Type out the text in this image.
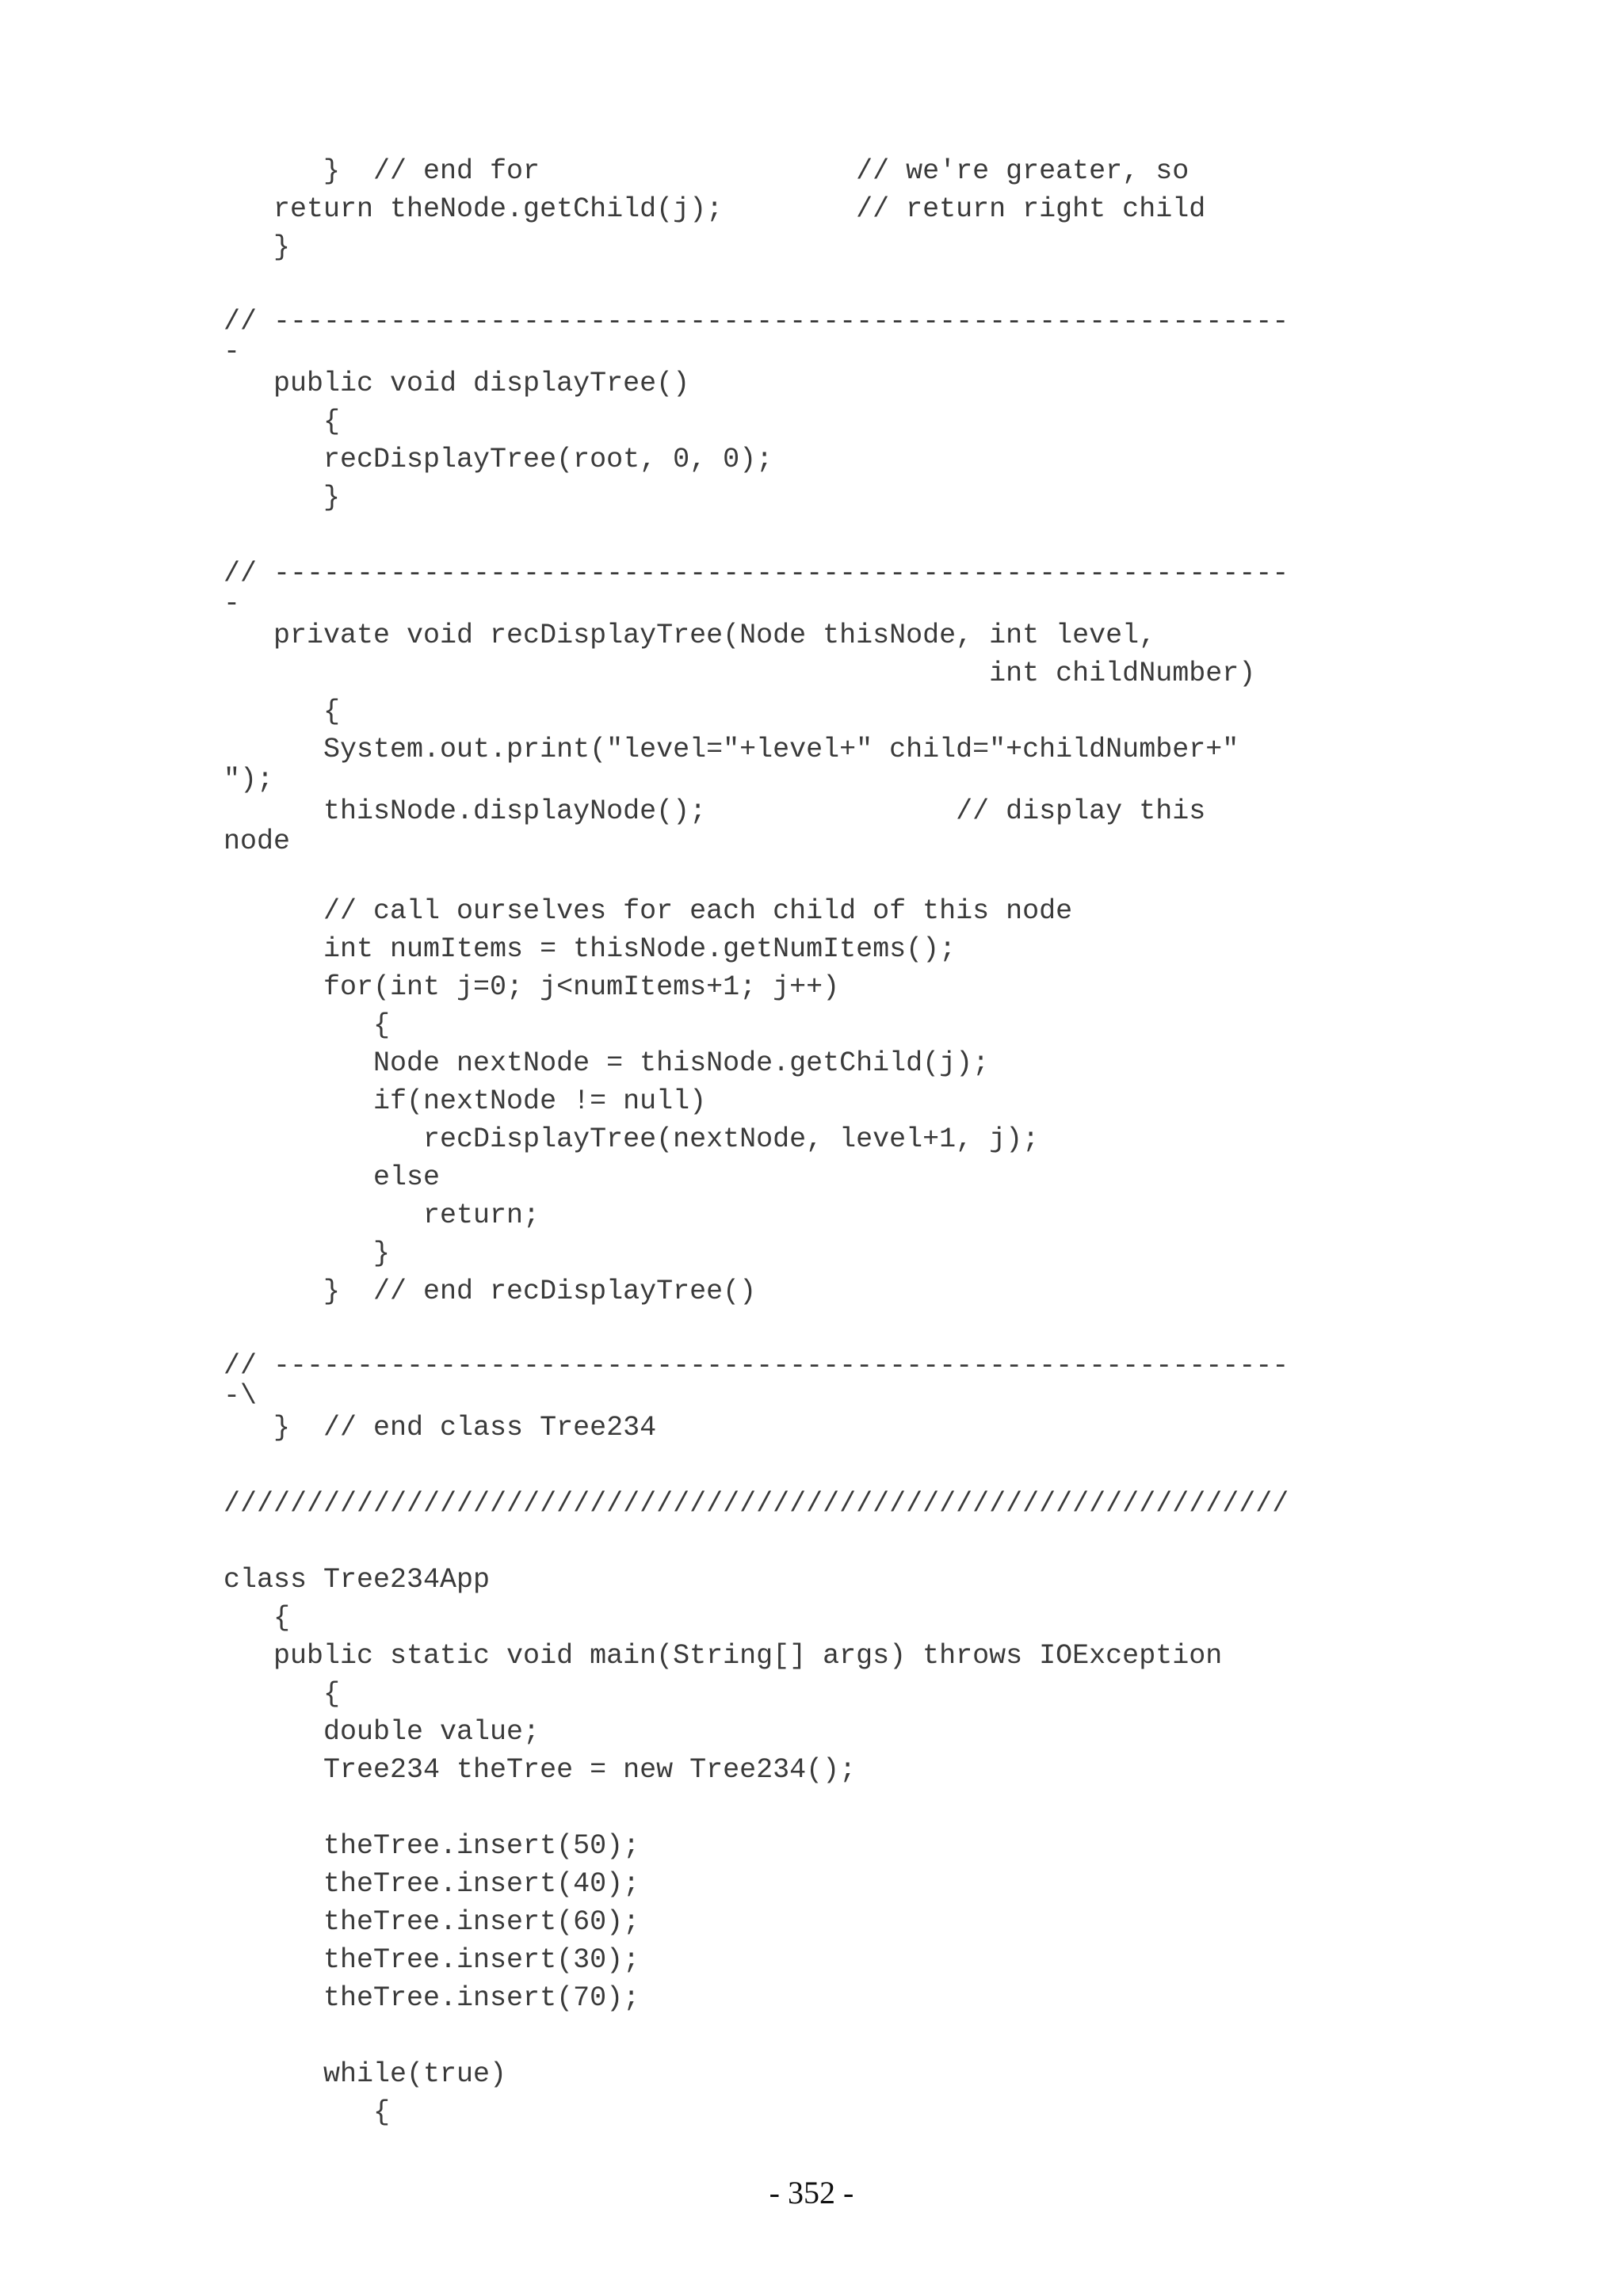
}  // end for                   // we're greater, so
return theNode.getChild(j);        // return right child
}
// -------------------------------------------------------------
-
public void displayTree()
{
recDisplayTree(root, 0, 0);
}
// -------------------------------------------------------------
-
private void recDisplayTree(Node thisNode, int level,
int childNumber)
{
System.out.print("level="+level+" child="+childNumber+"
");
thisNode.displayNode();               // display this
node
// call ourselves for each child of this node
int numItems = thisNode.getNumItems();
for(int j=0; j<numItems+1; j++)
{
Node nextNode = thisNode.getChild(j);
if(nextNode != null)
recDisplayTree(nextNode, level+1, j);
else
return;
}
}  // end recDisplayTree()
// -------------------------------------------------------------
-\
}  // end class Tree234
////////////////////////////////////////////////////////////////
class Tree234App
{
public static void main(String[] args) throws IOException
{
double value;
Tree234 theTree = new Tree234();
theTree.insert(50);
theTree.insert(40);
theTree.insert(60);
theTree.insert(30);
theTree.insert(70);
while(true)
{
- 352 -
